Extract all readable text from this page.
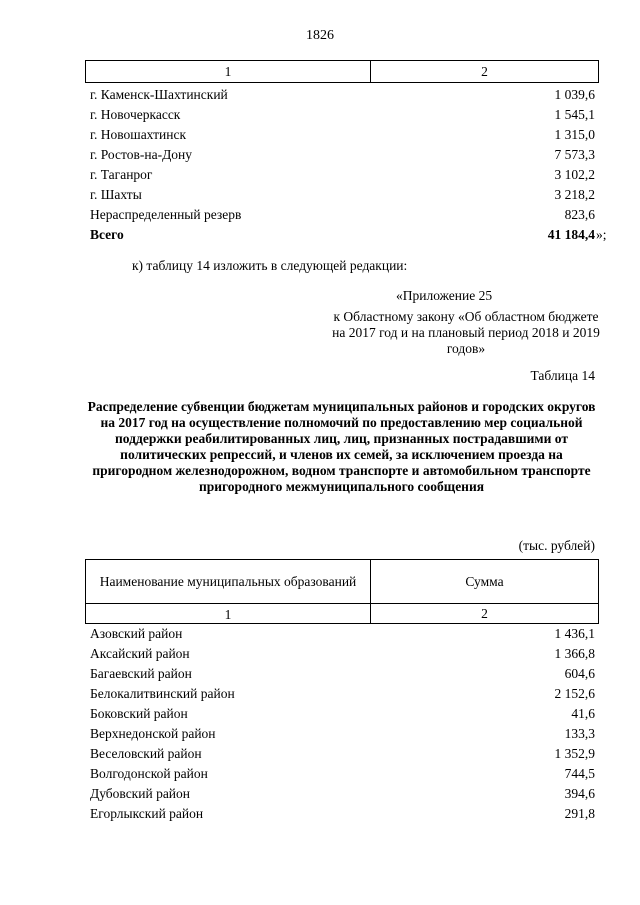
1826
1	2
г. Каменск-Шахтинский	1 039,6
г. Новочеркасск	1 545,1
г. Новошахтинск	1 315,0
г. Ростов-на-Дону	7 573,3
г. Таганрог	3 102,2
г. Шахты	3 218,2
Нераспределенный резерв	823,6
Всего	41 184,4 »;
к) таблицу 14 изложить в следующей редакции:
«Приложение 25
к Областному закону «Об областном бюджете на 2017 год и на плановый период 2018 и 2019 годов»
Таблица 14
Распределение субвенции бюджетам муниципальных районов и городских округов на 2017 год на осуществление полномочий по предоставлению мер социальной поддержки реабилитированных лиц, лиц, признанных пострадавшими от политических репрессий, и членов их семей, за исключением проезда на пригородном железнодорожном, водном транспорте и автомобильном транспорте пригородного межмуниципального сообщения
(тыс. рублей)
Наименование муниципальных образований	Сумма
1	2
Азовский район	1 436,1
Аксайский район	1 366,8
Багаевский район	604,6
Белокалитвинский район	2 152,6
Боковский район	41,6
Верхнедонской район	133,3
Веселовский район	1 352,9
Волгодонской район	744,5
Дубовский район	394,6
Егорлыкский район	291,8
